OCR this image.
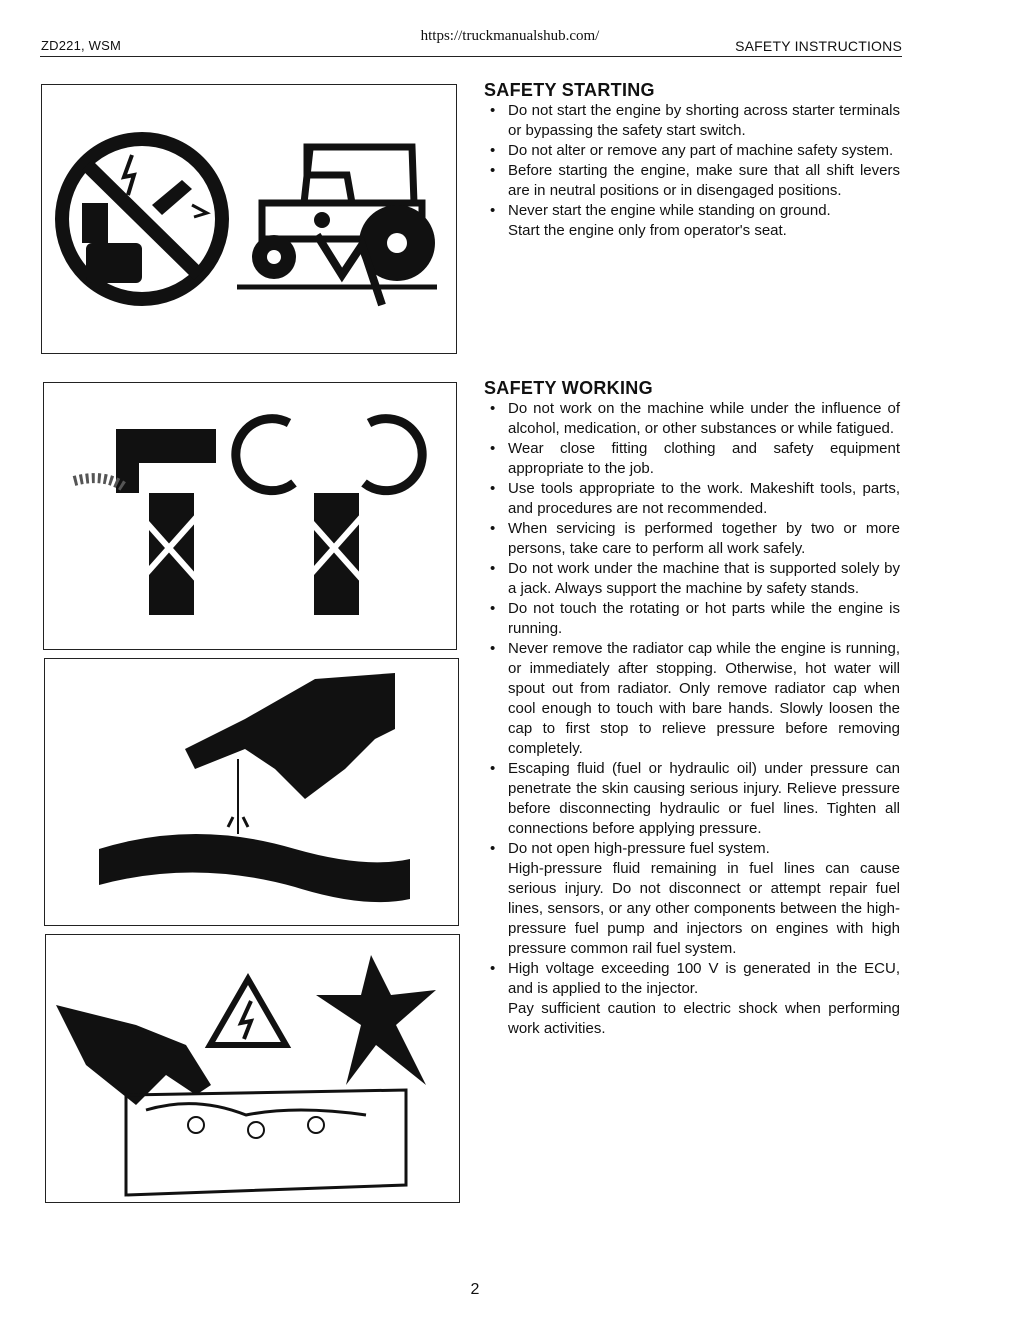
https://truckmanualshub.com/
ZD221, WSM	SAFETY INSTRUCTIONS
SAFETY STARTING
• Do not start the engine by shorting across starter terminals or bypassing the safety start switch.
• Do not alter or remove any part of machine safety system.
• Before starting the engine, make sure that all shift levers are in neutral positions or in disengaged positions.
• Never start the engine while standing on ground.
Start the engine only from operator's seat.
SAFETY WORKING
• Do not work on the machine while under the influence of alcohol, medication, or other substances or while fatigued.
• Wear close fitting clothing and safety equipment appropriate to the job.
• Use tools appropriate to the work. Makeshift tools, parts, and procedures are not recommended.
• When servicing is performed together by two or more persons, take care to perform all work safely.
• Do not work under the machine that is supported solely by a jack. Always support the machine by safety stands.
• Do not touch the rotating or hot parts while the engine is running.
• Never remove the radiator cap while the engine is running, or immediately after stopping. Otherwise, hot water will spout out from radiator. Only remove radiator cap when cool enough to touch with bare hands. Slowly loosen the cap to first stop to relieve pressure before removing completely.
• Escaping fluid (fuel or hydraulic oil) under pressure can penetrate the skin causing serious injury. Relieve pressure before disconnecting hydraulic or fuel lines. Tighten all connections before applying pressure.
• Do not open high-pressure fuel system.
High-pressure fluid remaining in fuel lines can cause serious injury. Do not disconnect or attempt repair fuel lines, sensors, or any other components between the high-pressure fuel pump and injectors on engines with high pressure common rail fuel system.
• High voltage exceeding 100 V is generated in the ECU, and is applied to the injector.
Pay sufficient caution to electric shock when performing work activities.
2
